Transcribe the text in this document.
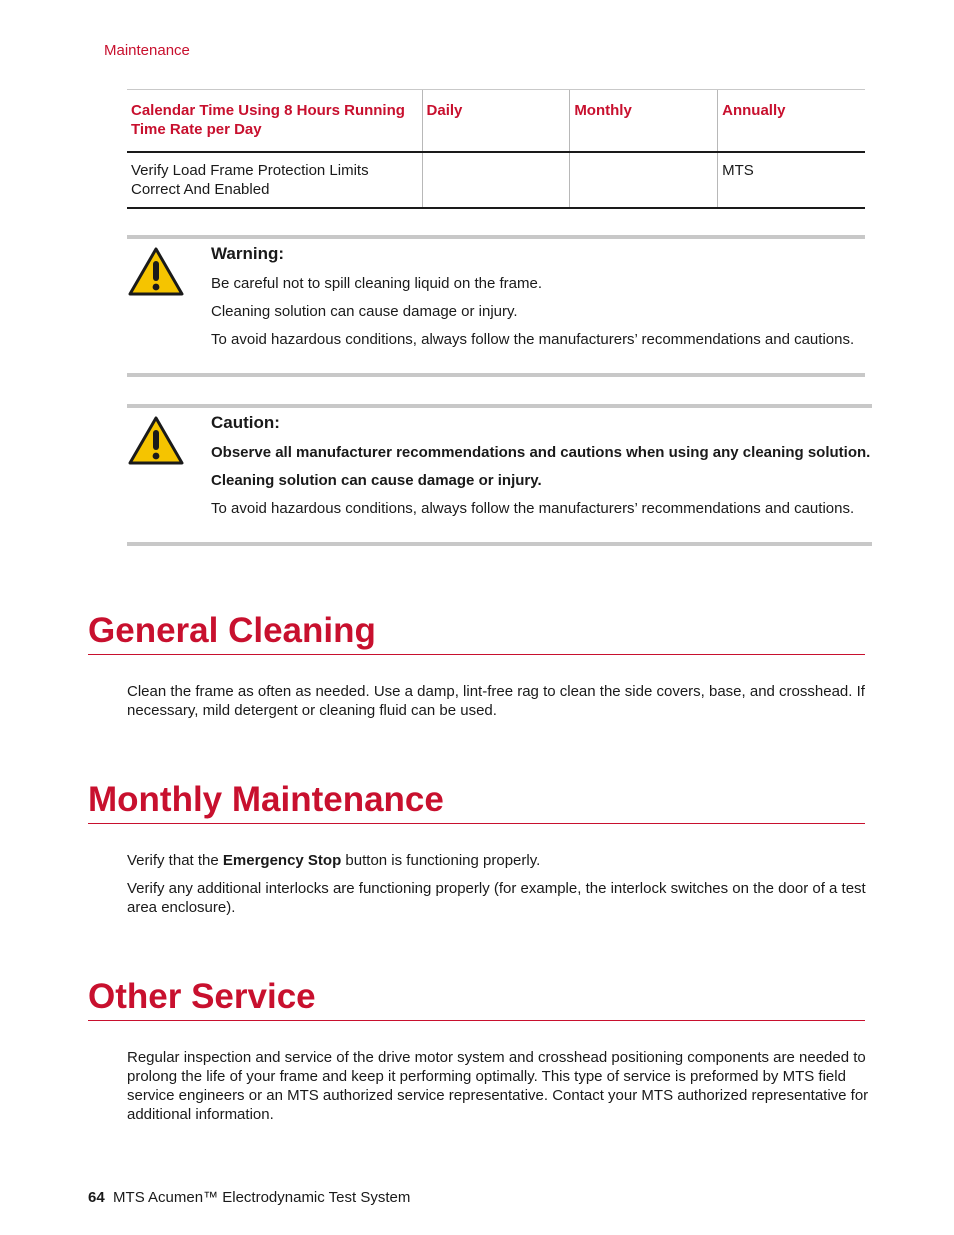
Maintenance
Calendar Time Using 8 Hours Running Time Rate per Day	Daily	Monthly	Annually
Verify Load Frame Protection Limits Correct And Enabled			MTS
Warning:
Be careful not to spill cleaning liquid on the frame.
Cleaning solution can cause damage or injury.
To avoid hazardous conditions, always follow the manufacturers’ recommendations and cautions.
Caution:
Observe all manufacturer recommendations and cautions when using any cleaning solution.
Cleaning solution can cause damage or injury.
To avoid hazardous conditions, always follow the manufacturers’ recommendations and cautions.
General Cleaning
Clean the frame as often as needed. Use a damp, lint-free rag to clean the side covers, base, and crosshead. If necessary, mild detergent or cleaning fluid can be used.
Monthly Maintenance
Verify that the Emergency Stop button is functioning properly.
Verify any additional interlocks are functioning properly (for example, the interlock switches on the door of a test area enclosure).
Other Service
Regular inspection and service of the drive motor system and crosshead positioning components are needed to prolong the life of your frame and keep it performing optimally. This type of service is preformed by MTS field service engineers or an MTS authorized service representative. Contact your MTS authorized representative for additional information.
64 MTS Acumen™ Electrodynamic Test System
